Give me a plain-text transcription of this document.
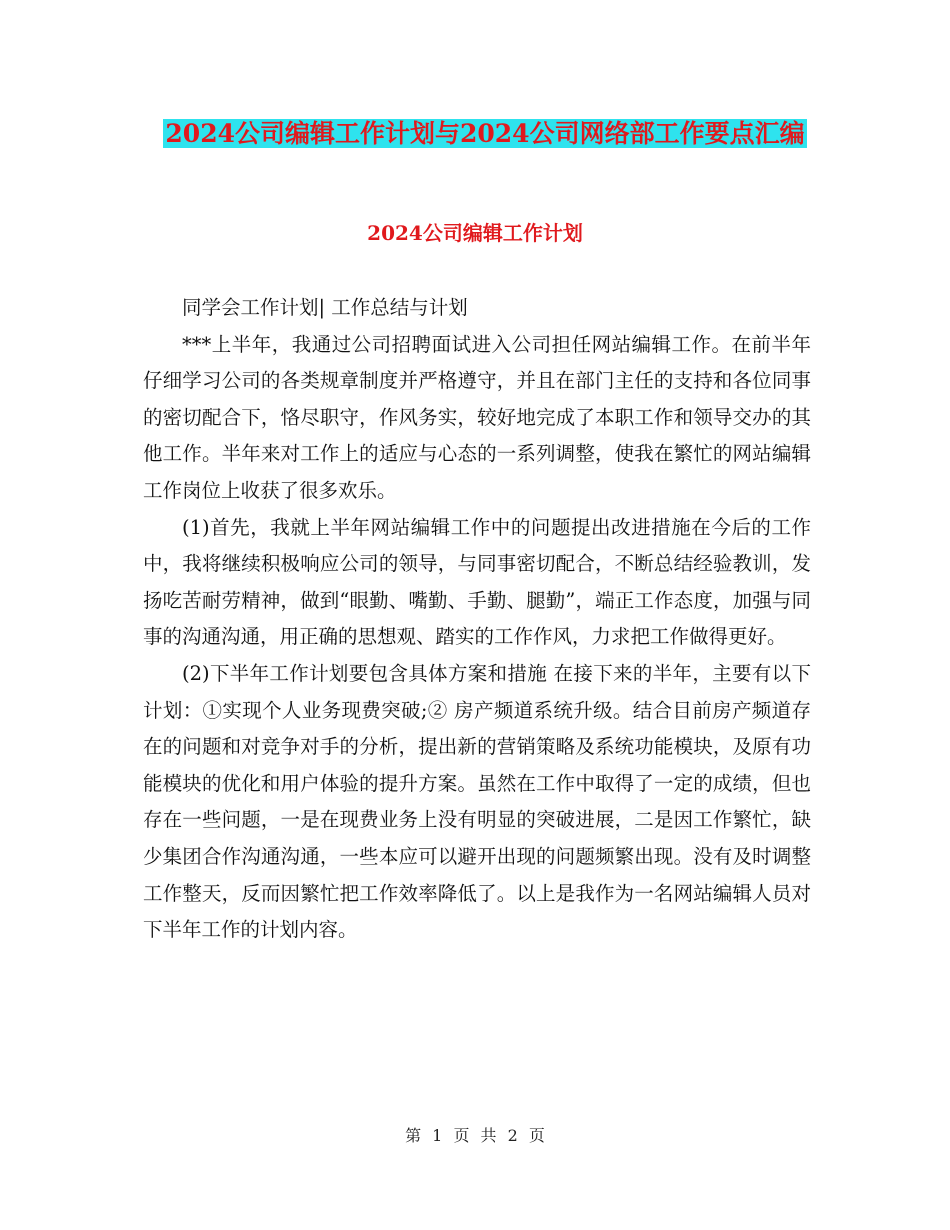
2024公司编辑工作计划与2024公司网络部工作要点汇编
2024公司编辑工作计划

同学会工作计划| 工作总结与计划

***上半年，我通过公司招聘面试进入公司担任网站编辑工作。在前半年仔细学习公司的各类规章制度并严格遵守，并且在部门主任的支持和各位同事的密切配合下，恪尽职守，作风务实，较好地完成了本职工作和领导交办的其他工作。半年来对工作上的适应与心态的一系列调整，使我在繁忙的网站编辑工作岗位上收获了很多欢乐。

(1)首先，我就上半年网站编辑工作中的问题提出改进措施在今后的工作中，我将继续积极响应公司的领导，与同事密切配合，不断总结经验教训，发扬吃苦耐劳精神，做到“眼勤、嘴勤、手勤、腿勤”，端正工作态度，加强与同事的沟通沟通，用正确的思想观、踏实的工作作风，力求把工作做得更好。

(2)下半年工作计划要包含具体方案和措施 在接下来的半年，主要有以下计划：①实现个人业务现费突破;② 房产频道系统升级。结合目前房产频道存在的问题和对竞争对手的分析，提出新的营销策略及系统功能模块，及原有功能模块的优化和用户体验的提升方案。虽然在工作中取得了一定的成绩，但也存在一些问题，一是在现费业务上没有明显的突破进展，二是因工作繁忙，缺少集团合作沟通沟通，一些本应可以避开出现的问题频繁出现。没有及时调整工作整天，反而因繁忙把工作效率降低了。以上是我作为一名网站编辑人员对下半年工作的计划内容。

第 1 页 共 2 页
